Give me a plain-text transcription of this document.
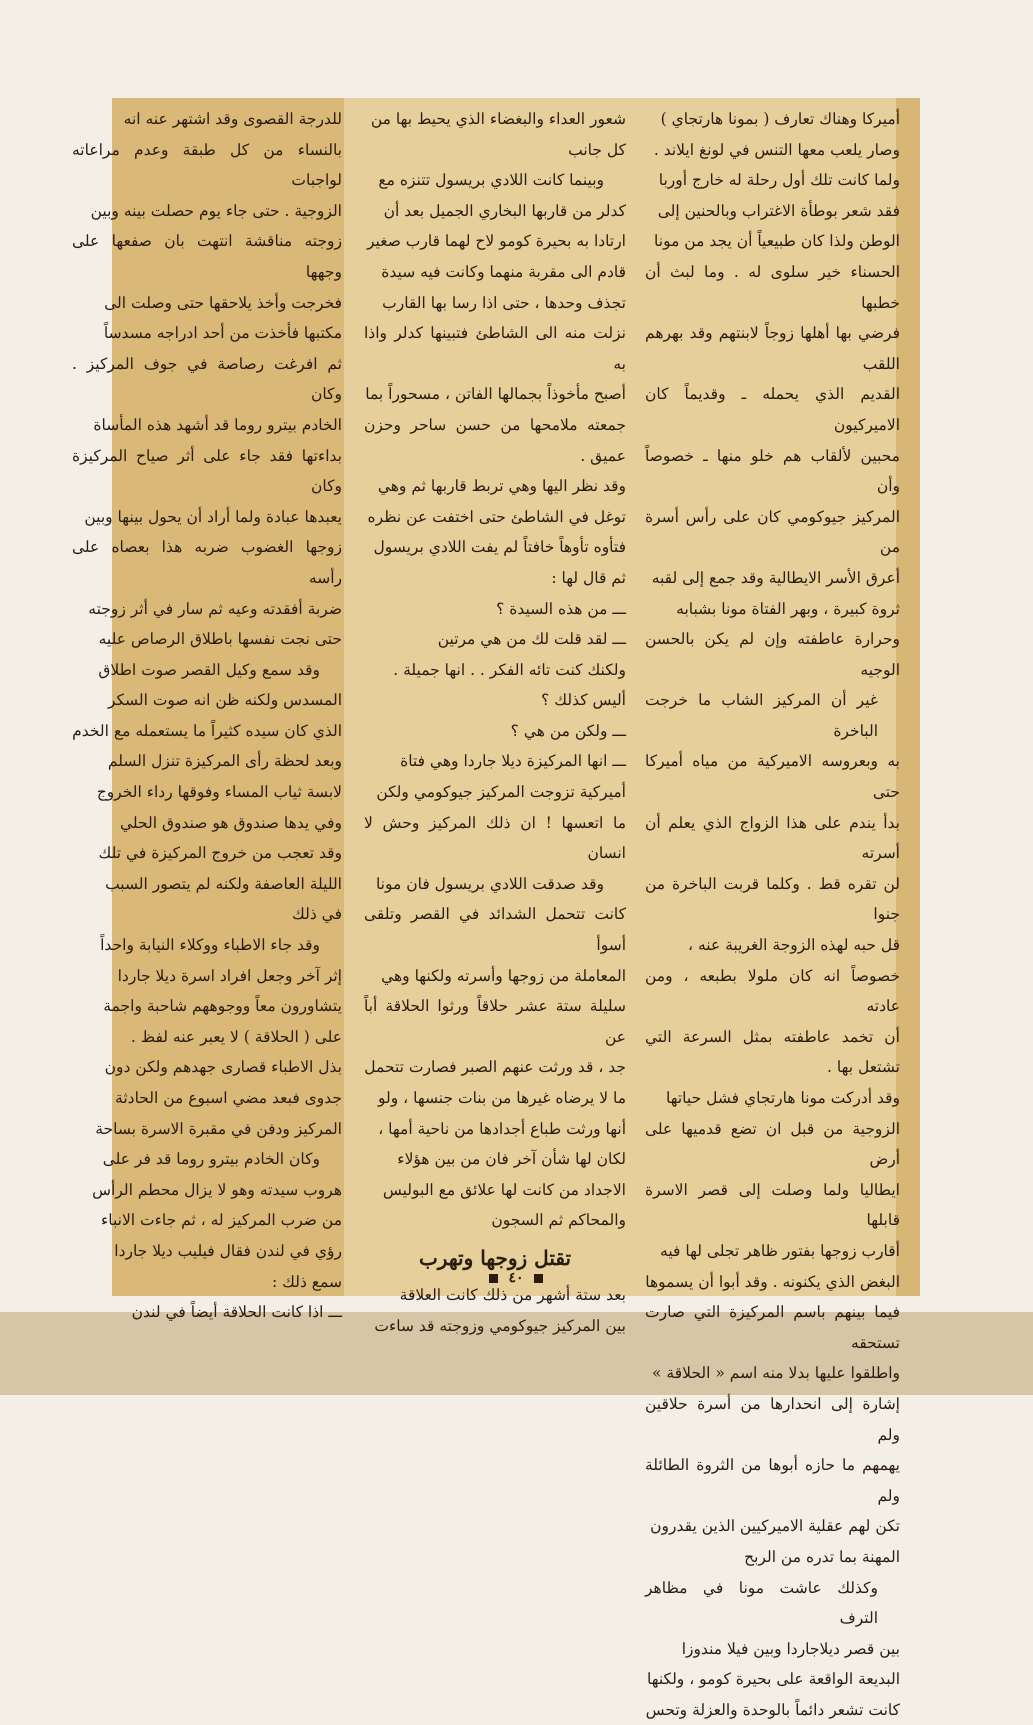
أميركا وهناك تعارف ( بمونا هارتجاي )

وصار يلعب معها التنس في لونغ ايلاند .

ولما كانت تلك أول رحلة له خارج أوربا

فقد شعر بوطأة الاغتراب وبالحنين إلى

الوطن ولذا كان طبيعياً أن يجد من مونا

الحسناء خير سلوى له . وما لبث أن خطبها

فرضي بها أهلها زوجاً لابنتهم وقد بهرهم اللقب

القديم الذي يحمله ـ وقديماً كان الاميركيون

محبين لألقاب هم خلو منها ـ خصوصاً وأن

المركيز جيوكومي كان على رأس أسرة من

أعرق الأسر الايطالية وقد جمع إلى لقبه

ثروة كبيرة ، وبهر الفتاة مونا بشبابه

وحرارة عاطفته وإن لم يكن بالحسن الوجيه

غير أن المركيز الشاب ما خرجت الباخرة

به وبعروسه الاميركية من مياه أميركا حتى

بدأ يندم على هذا الزواج الذي يعلم أن أسرته

لن تقره قط . وكلما قربت الباخرة من جنوا

قل حبه لهذه الزوجة الغريبة عنه ،

خصوصاً انه كان ملولا بطبعه ، ومن عادته

أن تخمد عاطفته بمثل السرعة التي تشتعل بها .

وقد أدركت مونا هارتجاي فشل حياتها

الزوجية من قبل ان تضع قدميها على أرض

ايطاليا ولما وصلت إلى قصر الاسرة قابلها

أقارب زوجها بفتور ظاهر تجلى لها فيه

البغض الذي يكنونه . وقد أبوا أن يسموها

فيما بينهم باسم المركيزة التي صارت تستحقه

واطلقوا عليها بدلا منه اسم « الحلاقة »

إشارة إلى انحدارها من أسرة حلاقين ولم

يهمهم ما حازه أبوها من الثروة الطائلة ولم

تكن لهم عقلية الاميركيين الذين يقدرون

المهنة بما تدره من الربح

وكذلك عاشت مونا في مظاهر الترف

بين قصر ديلاجاردا وبين فيلا مندوزا

البديعة الواقعة على بحيرة كومو ، ولكنها

كانت تشعر دائماً بالوحدة والعزلة وتحس

شعور العداء والبغضاء الذي يحيط بها من

كل جانب

وبينما كانت اللادي بريسول تتنزه مع

كدلر من قاربها البخاري الجميل بعد أن

ارتادا به بحيرة كومو لاح لهما قارب صغير

قادم الى مقربة منهما وكانت فيه سيدة

تجذف وحدها ، حتى اذا رسا بها القارب

نزلت منه الى الشاطئ فتبينها كدلر واذا به

أصبح مأخوذاً بجمالها الفاتن ، مسحوراً بما

جمعته ملامحها من حسن ساحر وحزن عميق .

وقد نظر اليها وهي تربط قاربها ثم وهي

توغل في الشاطئ حتى اختفت عن نظره

فتأوه تأوهاً خافتاً لم يفت اللادي بريسول

ثم قال لها :

ـــ من هذه السيدة ؟

ـــ لقد قلت لك من هي مرتين

ولكنك كنت تائه الفكر . . انها جميلة .

أليس كذلك ؟

ـــ ولكن من هي ؟

ـــ انها المركيزة ديلا جاردا وهي فتاة

أميركية تزوجت المركيز جيوكومي ولكن

ما اتعسها ! ان ذلك المركيز وحش لا انسان

وقد صدقت اللادي بريسول فان مونا

كانت تتحمل الشدائد في القصر وتلقى أسوأ

المعاملة من زوجها وأسرته ولكنها وهي

سليلة ستة عشر حلاقاً ورثوا الحلاقة أباً عن

جد ، قد ورثت عنهم الصبر فصارت تتحمل

ما لا يرضاه غيرها من بنات جنسها ، ولو

أنها ورثت طباع أجدادها من ناحية أمها ،

لكان لها شأن آخر فان من بين هؤلاء

الاجداد من كانت لها علائق مع البوليس

والمحاكم ثم السجون

تقتل زوجها وتهرب

بعد ستة أشهر من ذلك كانت العلاقة

بين المركيز جيوكومي وزوجته قد ساءت

للدرجة القصوى وقد اشتهر عنه انه

بالنساء من كل طبقة وعدم مراعاته لواجبات

الزوجية . حتى جاء يوم حصلت بينه وبين

زوجته مناقشة انتهت بان صفعها على وجهها

فخرجت وأخذ يلاحقها حتى وصلت الى

مكتبها فأخذت من أحد ادراجه مسدساً

ثم افرغت رصاصة في جوف المركيز . وكان

الخادم بيترو روما قد أشهد هذه المأساة

بداءتها فقد جاء على أثر صياح المركيزة وكان

يعبدها عبادة ولما أراد أن يحول بينها وبين

زوجها الغضوب ضربه هذا بعصاه على رأسه

ضربة أفقدته وعيه ثم سار في أثر زوجته

حتى نجت نفسها باطلاق الرصاص عليه

وقد سمع وكيل القصر صوت اطلاق

المسدس ولكنه ظن انه صوت السكر

الذي كان سيده كثيراً ما يستعمله مع الخدم

وبعد لحظة رأى المركيزة تنزل السلم

لابسة ثياب المساء وفوقها رداء الخروج

وفي يدها صندوق هو صندوق الحلي

وقد تعجب من خروج المركيزة في تلك

الليلة العاصفة ولكنه لم يتصور السبب

في ذلك

وقد جاء الاطباء ووكلاء النيابة واحداً

إثر آخر وجعل افراد اسرة ديلا جاردا

يتشاورون معاً ووجوههم شاحبة واجمة

على ( الحلاقة ) لا يعبر عنه لفظ .

بذل الاطباء قصارى جهدهم ولكن دون

جدوى فبعد مضي اسبوع من الحادثة

المركيز ودفن في مقبرة الاسرة بساحة

وكان الخادم بيترو روما قد فر على

هروب سيدته وهو لا يزال محطم الرأس

من ضرب المركيز له ، ثم جاءت الانباء

رؤي في لندن فقال فيليب ديلا جاردا

سمع ذلك :

ـــ اذا كانت الحلاقة أيضاً في لندن

٤٠
